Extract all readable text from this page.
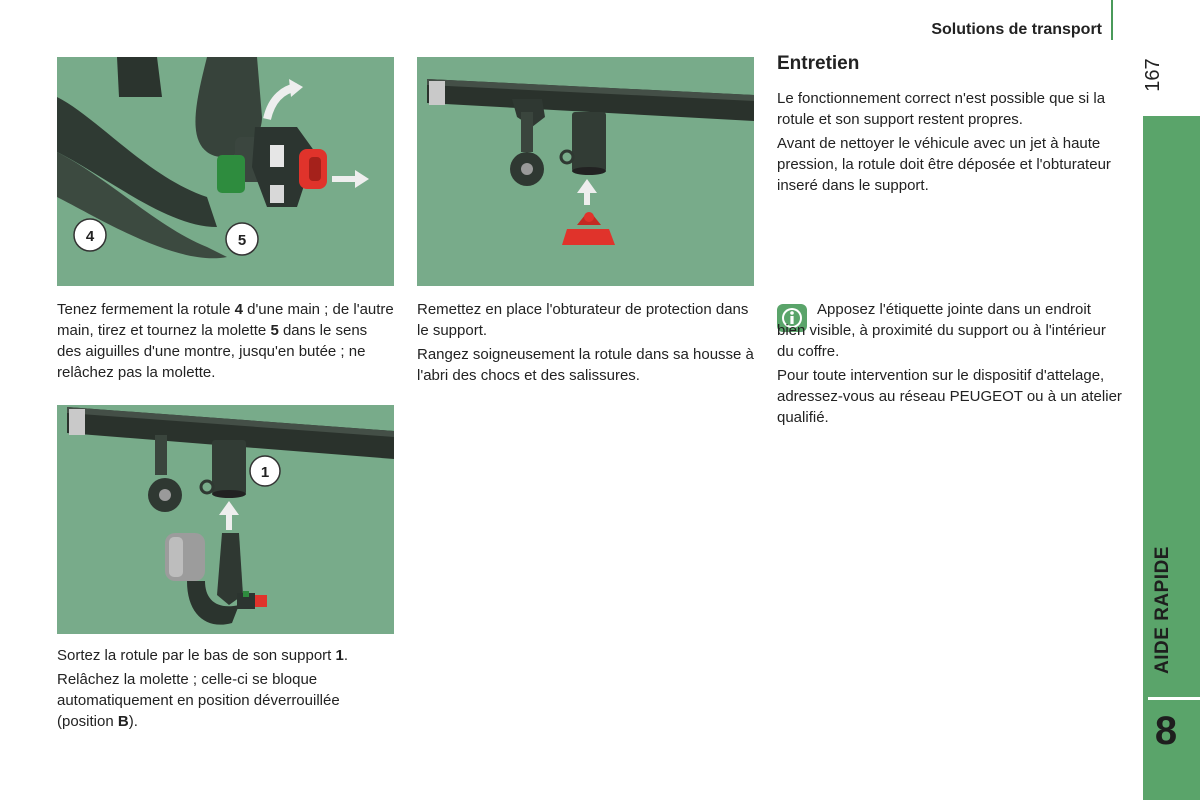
Solutions de transport
167
AIDE RAPIDE
8
4	5
1

Tenez fermement la rotule 4 d'une main ; de l'autre main, tirez et tournez la molette 5 dans le sens des aiguilles d'une montre, jusqu'en butée ; ne relâchez pas la molette.

Sortez la rotule par le bas de son support 1.

Relâchez la molette ; celle-ci se bloque automatiquement en position déverrouillée (position B).

Remettez en place l'obturateur de protection dans le support.

Rangez soigneusement la rotule dans sa housse à l'abri des chocs et des salissures.

Entretien

Le fonctionnement correct n'est possible que si la rotule et son support restent propres.

Avant de nettoyer le véhicule avec un jet à haute pression, la rotule doit être déposée et l'obturateur inseré dans le support.

Apposez l'étiquette jointe dans un endroit bien visible, à proximité du support ou à l'intérieur du coffre.

Pour toute intervention sur le dispositif d'attelage, adressez-vous au réseau PEUGEOT ou à un atelier qualifié.
